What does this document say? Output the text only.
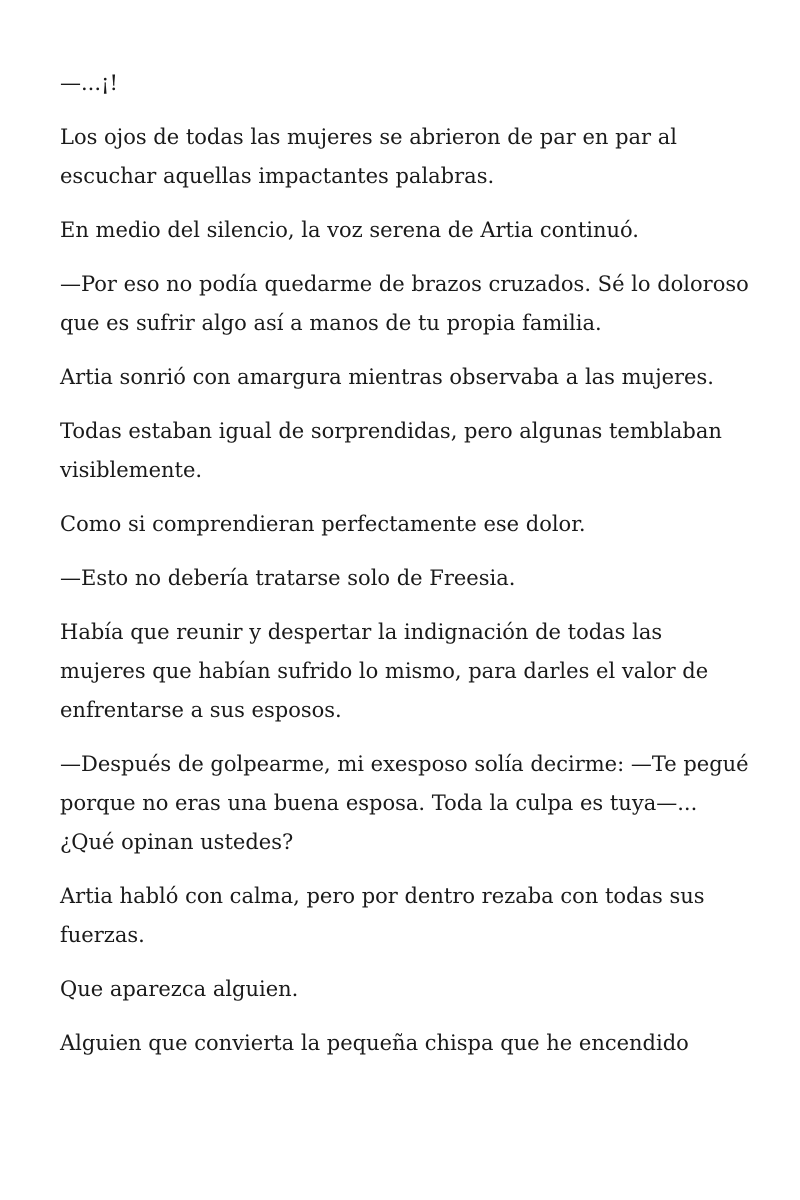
—...¡!

Los ojos de todas las mujeres se abrieron de par en par al escuchar aquellas impactantes palabras.

En medio del silencio, la voz serena de Artia continuó.

—Por eso no podía quedarme de brazos cruzados. Sé lo doloroso que es sufrir algo así a manos de tu propia familia.

Artia sonrió con amargura mientras observaba a las mujeres.

Todas estaban igual de sorprendidas, pero algunas temblaban visiblemente.

Como si comprendieran perfectamente ese dolor.

—Esto no debería tratarse solo de Freesia.

Había que reunir y despertar la indignación de todas las mujeres que habían sufrido lo mismo, para darles el valor de enfrentarse a sus esposos.

—Después de golpearme, mi exesposo solía decirme: —Te pegué porque no eras una buena esposa. Toda la culpa es tuya—... ¿Qué opinan ustedes?

Artia habló con calma, pero por dentro rezaba con todas sus fuerzas.

Que aparezca alguien.

Alguien que convierta la pequeña chispa que he encendido
